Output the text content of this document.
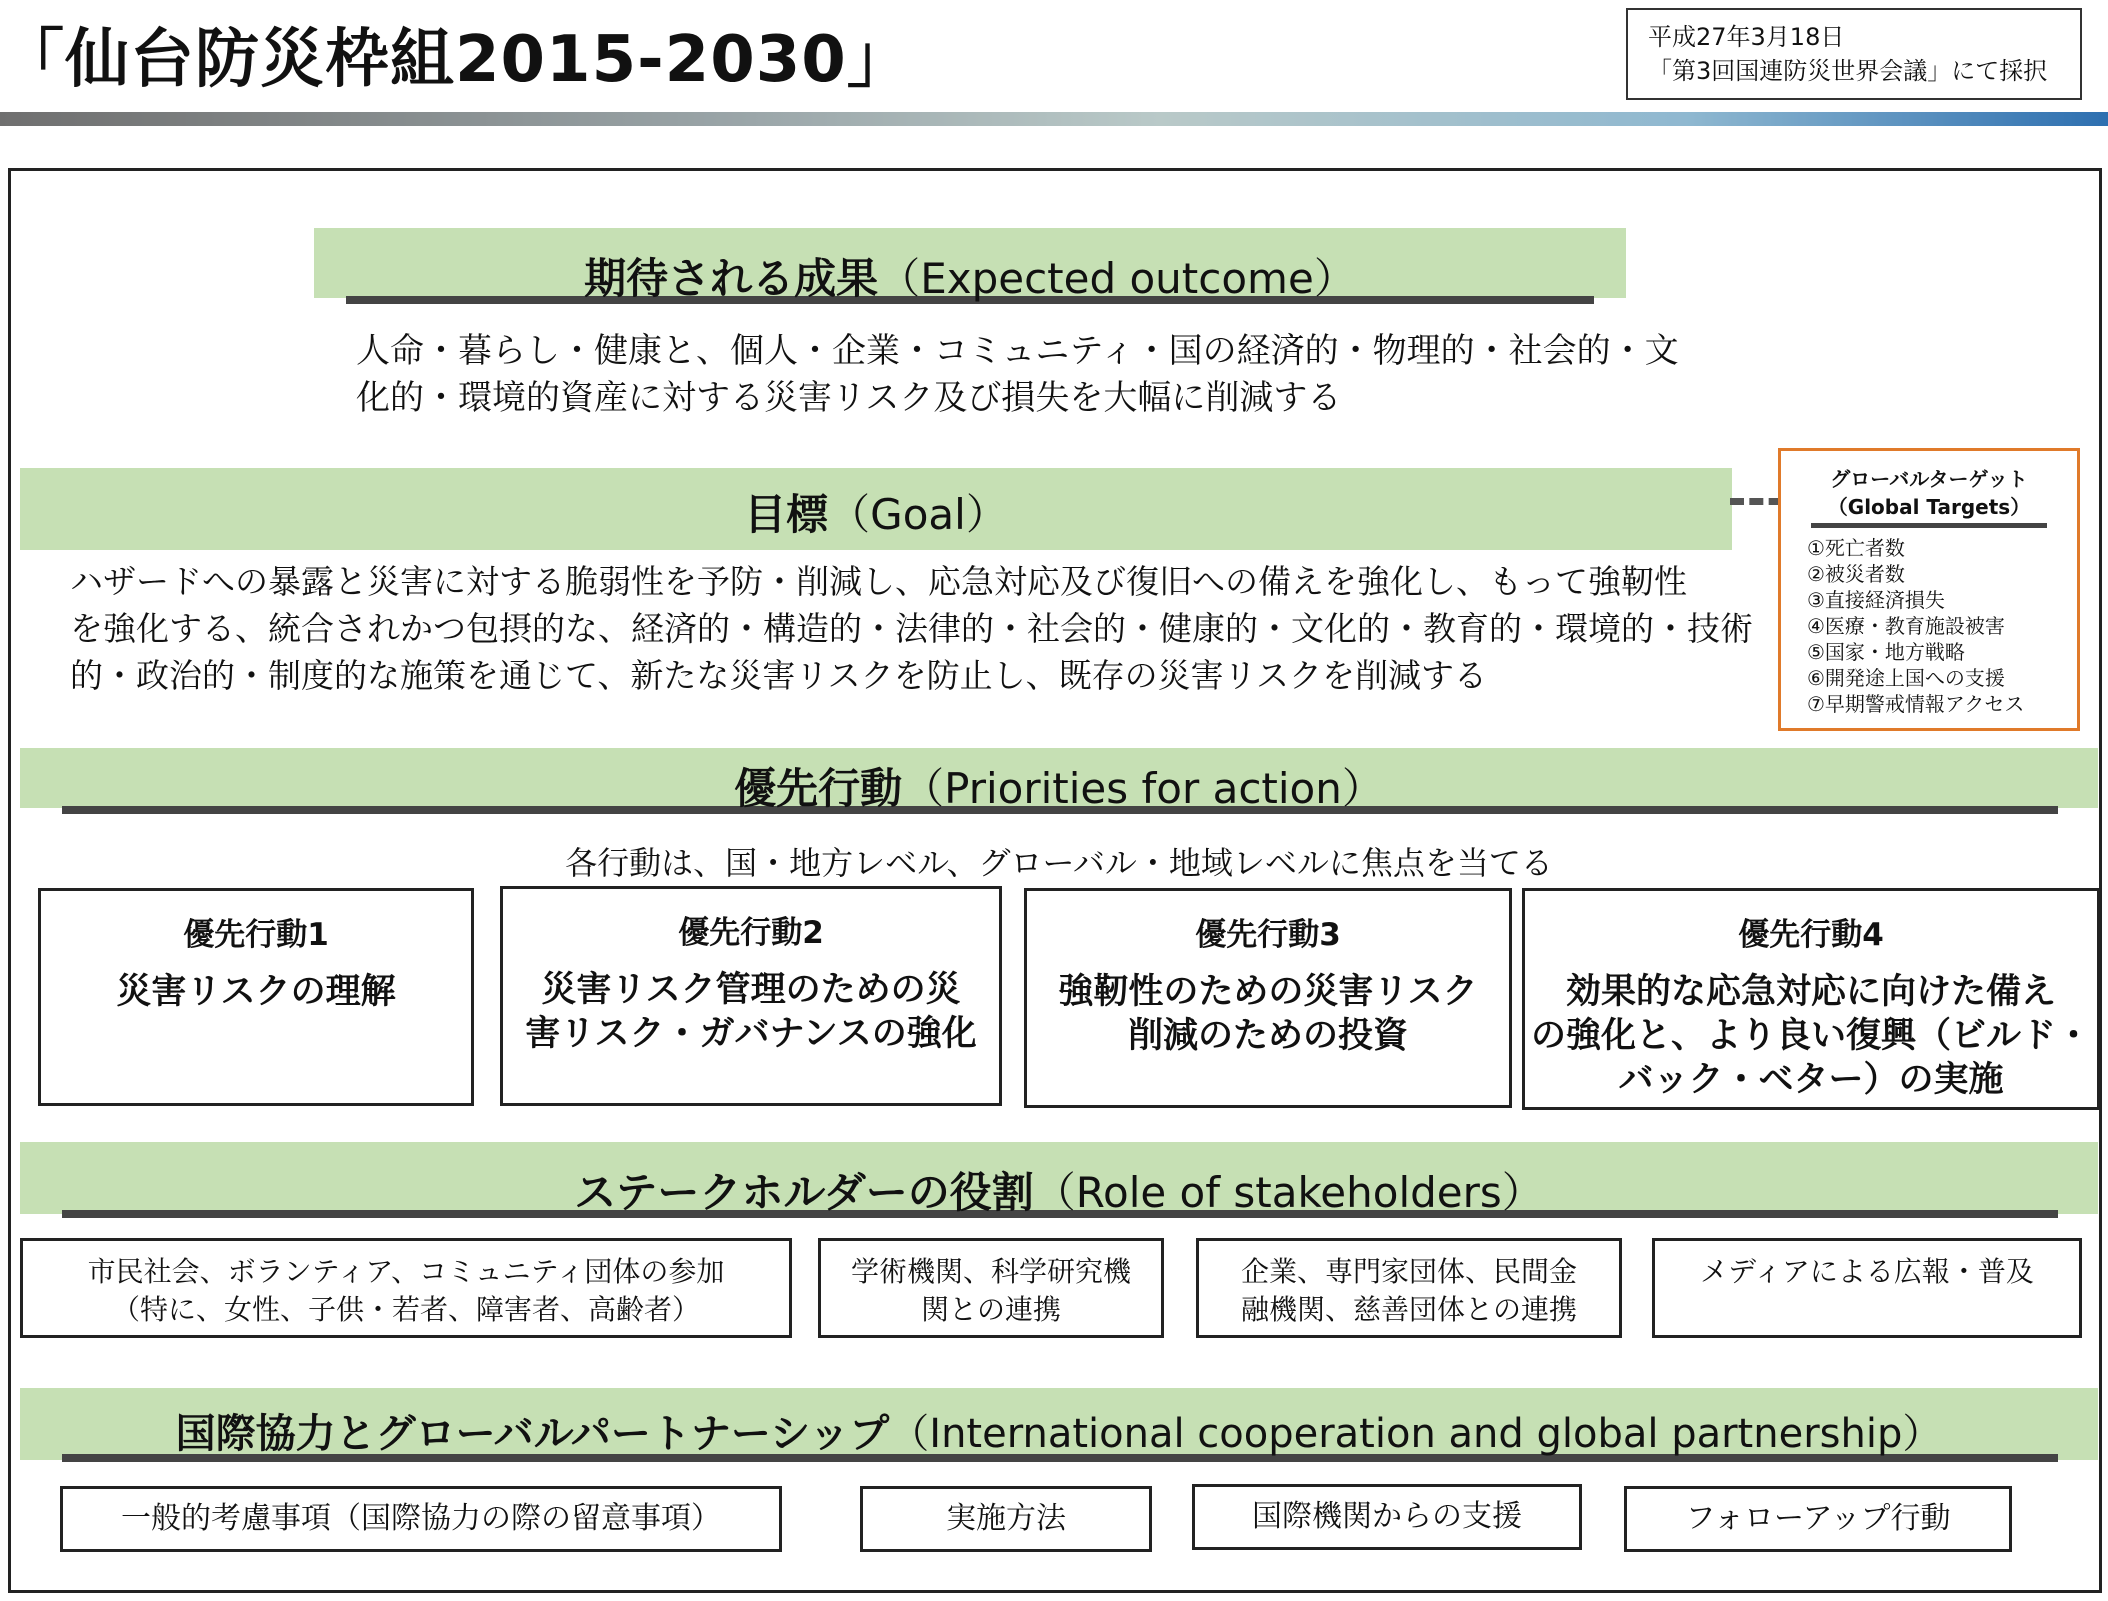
「仙台防災枠組2015-2030」	平成27年3月18日
「第3回国連防災世界会議」にて採択
期待される成果（Expected outcome）
人命・暮らし・健康と、個人・企業・コミュニティ・国の経済的・物理的・社会的・文
化的・環境的資産に対する災害リスク及び損失を大幅に削減する
目標（Goal）
ハザードへの暴露と災害に対する脆弱性を予防・削減し、応急対応及び復旧への備えを強化し、もって強靭性
を強化する、統合されかつ包摂的な、経済的・構造的・法律的・社会的・健康的・文化的・教育的・環境的・技術
的・政治的・制度的な施策を通じて、新たな災害リスクを防止し、既存の災害リスクを削減する
グローバルターゲット
（Global Targets）
①死亡者数
②被災者数
③直接経済損失
④医療・教育施設被害
⑤国家・地方戦略
⑥開発途上国への支援
⑦早期警戒情報アクセス
優先行動（Priorities for action）
各行動は、国・地方レベル、グローバル・地域レベルに焦点を当てる
優先行動1
災害リスクの理解
優先行動2
災害リスク管理のための災
害リスク・ガバナンスの強化
優先行動3
強靭性のための災害リスク
削減のための投資
優先行動4
効果的な応急対応に向けた備え
の強化と、より良い復興（ビルド・
バック・ベター）の実施
ステークホルダーの役割（Role of stakeholders）
市民社会、ボランティア、コミュニティ団体の参加
（特に、女性、子供・若者、障害者、高齢者）
学術機関、科学研究機
関との連携
企業、専門家団体、民間金
融機関、慈善団体との連携
メディアによる広報・普及
国際協力とグローバルパートナーシップ（International cooperation and global partnership）
一般的考慮事項（国際協力の際の留意事項）	実施方法	国際機関からの支援	フォローアップ行動
